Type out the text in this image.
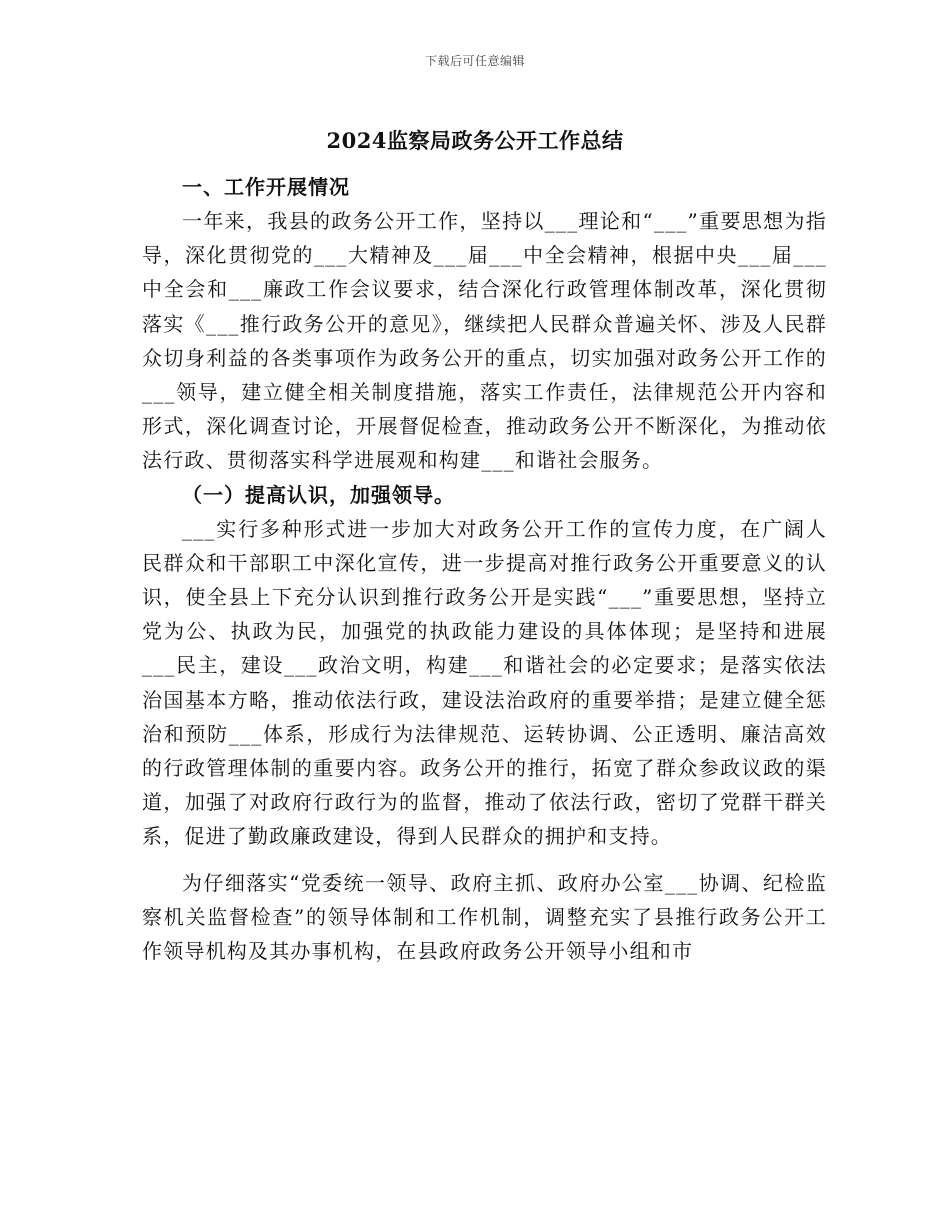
下载后可任意编辑
2024监察局政务公开工作总结
一、工作开展情况

一年来，我县的政务公开工作，坚持以___理论和“___”重要思想为指导，深化贯彻党的___大精神及___届___中全会精神，根据中央___届___中全会和___廉政工作会议要求，结合深化行政管理体制改革，深化贯彻落实《___推行政务公开的意见》，继续把人民群众普遍关怀、涉及人民群众切身利益的各类事项作为政务公开的重点，切实加强对政务公开工作的___领导，建立健全相关制度措施，落实工作责任，法律规范公开内容和形式，深化调查讨论，开展督促检查，推动政务公开不断深化，为推动依法行政、贯彻落实科学进展观和构建___和谐社会服务。

（一）提高认识，加强领导。

___实行多种形式进一步加大对政务公开工作的宣传力度，在广阔人民群众和干部职工中深化宣传，进一步提高对推行政务公开重要意义的认识，使全县上下充分认识到推行政务公开是实践“___”重要思想，坚持立党为公、执政为民，加强党的执政能力建设的具体体现；是坚持和进展___民主，建设___政治文明，构建___和谐社会的必定要求；是落实依法治国基本方略，推动依法行政，建设法治政府的重要举措；是建立健全惩治和预防___体系，形成行为法律规范、运转协调、公正透明、廉洁高效的行政管理体制的重要内容。政务公开的推行，拓宽了群众参政议政的渠道，加强了对政府行政行为的监督，推动了依法行政，密切了党群干群关系，促进了勤政廉政建设，得到人民群众的拥护和支持。

为仔细落实“党委统一领导、政府主抓、政府办公室___协调、纪检监察机关监督检查”的领导体制和工作机制，调整充实了县推行政务公开工作领导机构及其办事机构，在县政府政务公开领导小组和市
